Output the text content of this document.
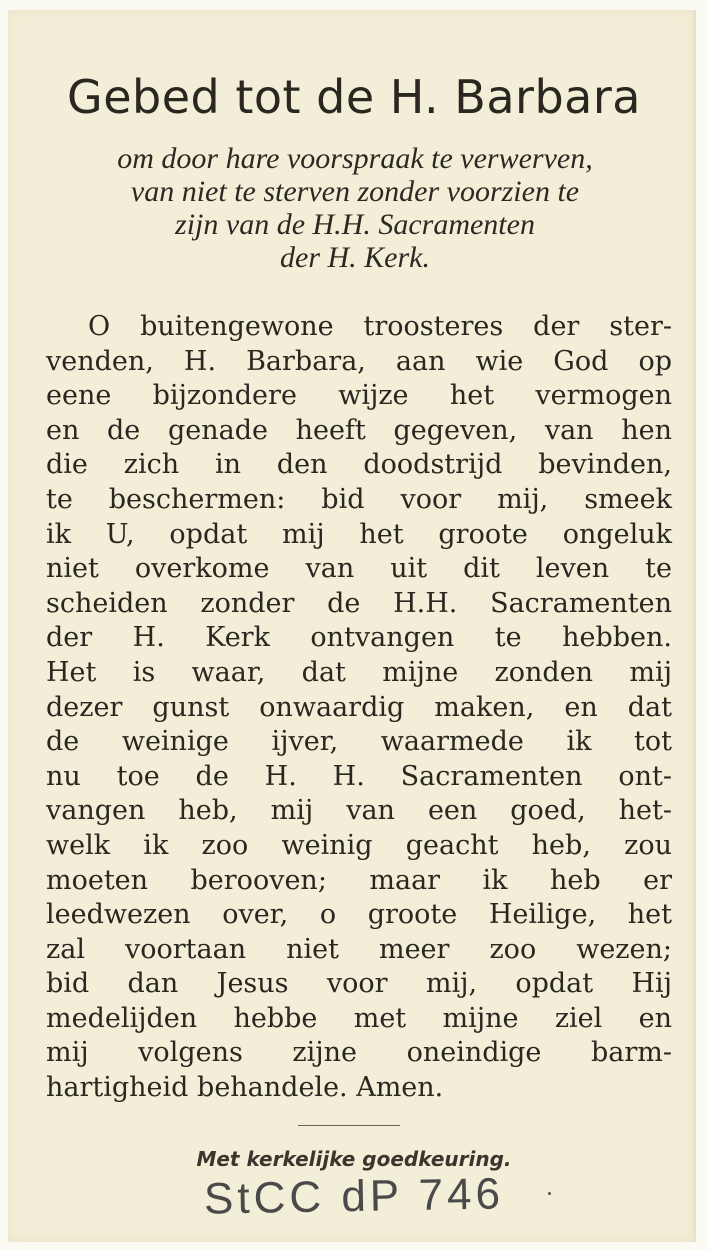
Gebed tot de H. Barbara
om door hare voorspraak te verwerven,
van niet te sterven zonder voorzien te
zijn van de H.H. Sacramenten
der H. Kerk.
O buitengewone troosteres der ster-
venden, H. Barbara, aan wie God op
eene bijzondere wijze het vermogen
en de genade heeft gegeven, van hen
die zich in den doodstrijd bevinden,
te beschermen: bid voor mij, smeek
ik U, opdat mij het groote ongeluk
niet overkome van uit dit leven te
scheiden zonder de H.H. Sacramenten
der H. Kerk ontvangen te hebben.
Het is waar, dat mijne zonden mij
dezer gunst onwaardig maken, en dat
de weinige ijver, waarmede ik tot
nu toe de H. H. Sacramenten ont-
vangen heb, mij van een goed, het-
welk ik zoo weinig geacht heb, zou
moeten berooven; maar ik heb er
leedwezen over, o groote Heilige, het
zal voortaan niet meer zoo wezen;
bid dan Jesus voor mij, opdat Hij
medelijden hebbe met mijne ziel en
mij volgens zijne oneindige barm-
hartigheid behandele. Amen.
Met kerkelijke goedkeuring.
StCC dP 746
